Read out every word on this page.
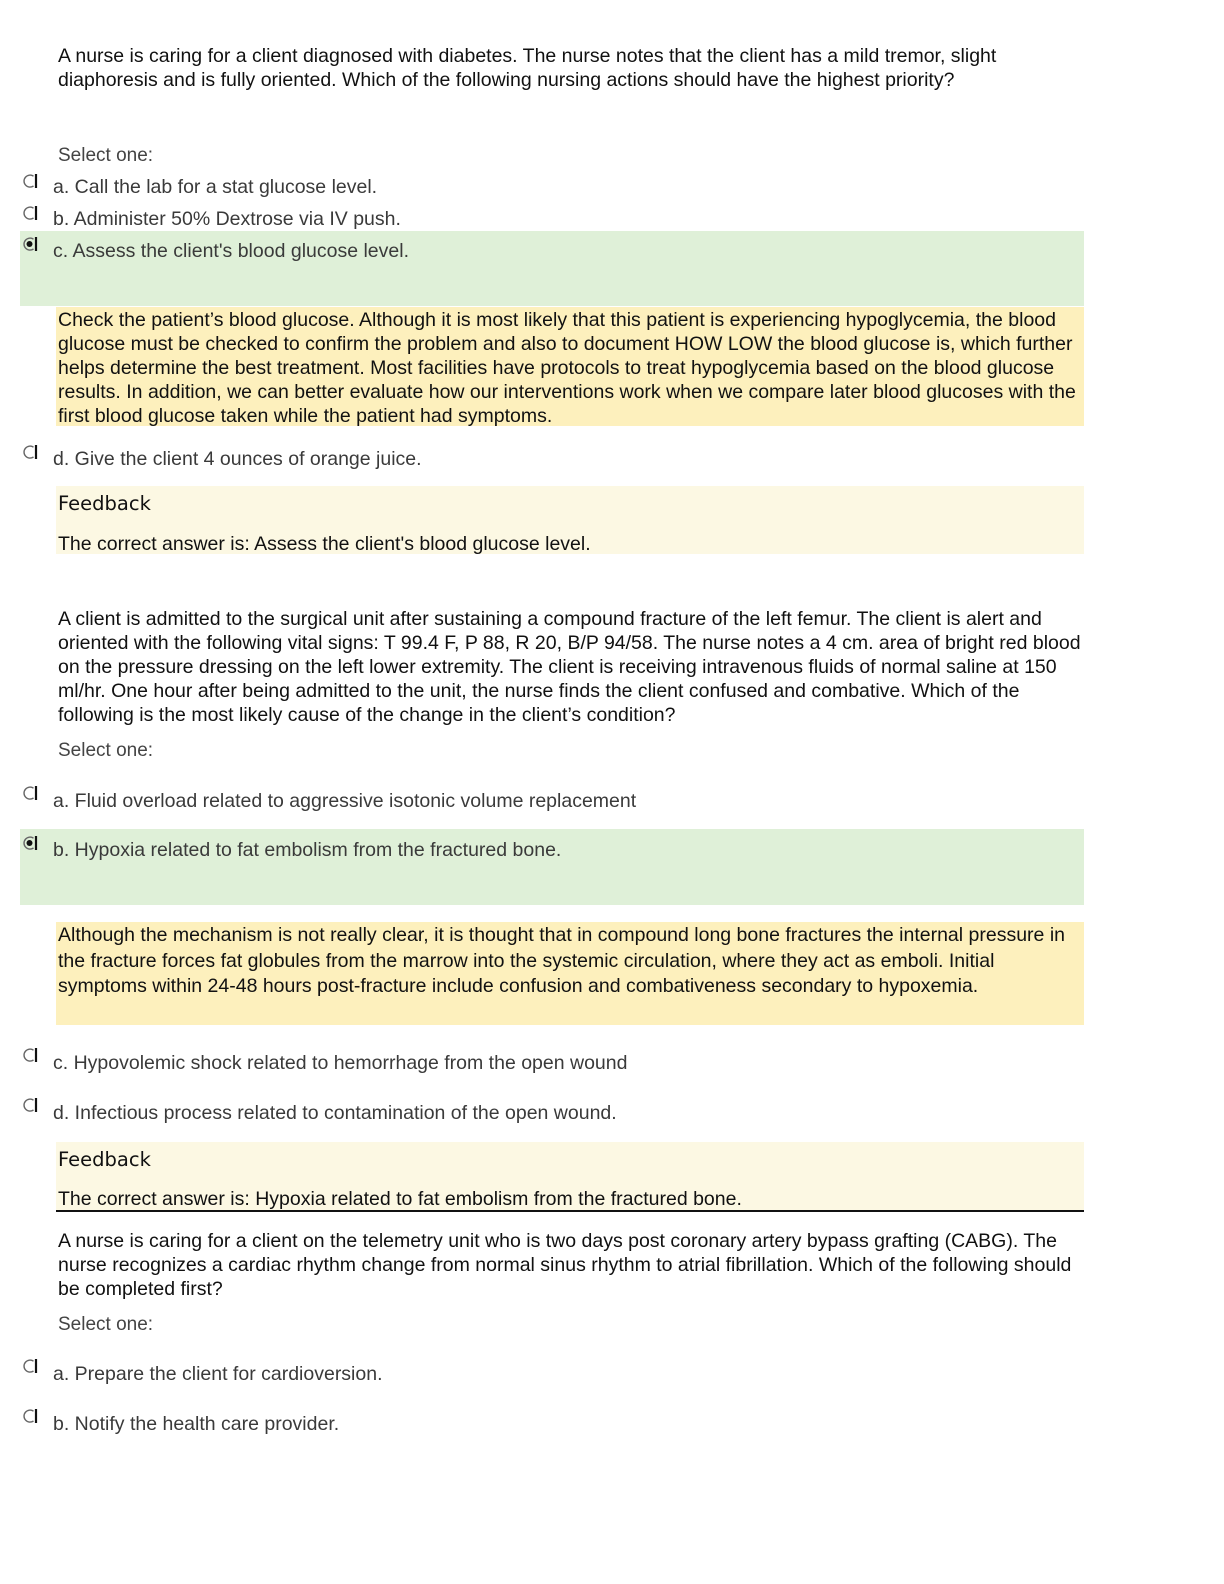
A nurse is caring for a client diagnosed with diabetes. The nurse notes that the client has a mild tremor, slight diaphoresis and is fully oriented. Which of the following nursing actions should have the highest priority?
Select one:
a. Call the lab for a stat glucose level.
b. Administer 50% Dextrose via IV push.
c. Assess the client's blood glucose level.
Check the patient’s blood glucose. Although it is most likely that this patient is experiencing hypoglycemia, the blood glucose must be checked to confirm the problem and also to document HOW LOW the blood glucose is, which further helps determine the best treatment. Most facilities have protocols to treat hypoglycemia based on the blood glucose results. In addition, we can better evaluate how our interventions work when we compare later blood glucoses with the first blood glucose taken while the patient had symptoms.
d. Give the client 4 ounces of orange juice.
Feedback
The correct answer is: Assess the client's blood glucose level.
A client is admitted to the surgical unit after sustaining a compound fracture of the left femur. The client is alert and oriented with the following vital signs: T 99.4 F, P 88, R 20, B/P 94/58. The nurse notes a 4 cm. area of bright red blood on the pressure dressing on the left lower extremity. The client is receiving intravenous fluids of normal saline at 150 ml/hr. One hour after being admitted to the unit, the nurse finds the client confused and combative. Which of the following is the most likely cause of the change in the client’s condition?
Select one:
a. Fluid overload related to aggressive isotonic volume replacement
b. Hypoxia related to fat embolism from the fractured bone.
Although the mechanism is not really clear, it is thought that in compound long bone fractures the internal pressure in the fracture forces fat globules from the marrow into the systemic circulation, where they act as emboli. Initial symptoms within 24-48 hours post-fracture include confusion and combativeness secondary to hypoxemia.
c. Hypovolemic shock related to hemorrhage from the open wound
d. Infectious process related to contamination of the open wound.
Feedback
The correct answer is: Hypoxia related to fat embolism from the fractured bone.
A nurse is caring for a client on the telemetry unit who is two days post coronary artery bypass grafting (CABG). The nurse recognizes a cardiac rhythm change from normal sinus rhythm to atrial fibrillation. Which of the following should be completed first?
Select one:
a. Prepare the client for cardioversion.
b. Notify the health care provider.
